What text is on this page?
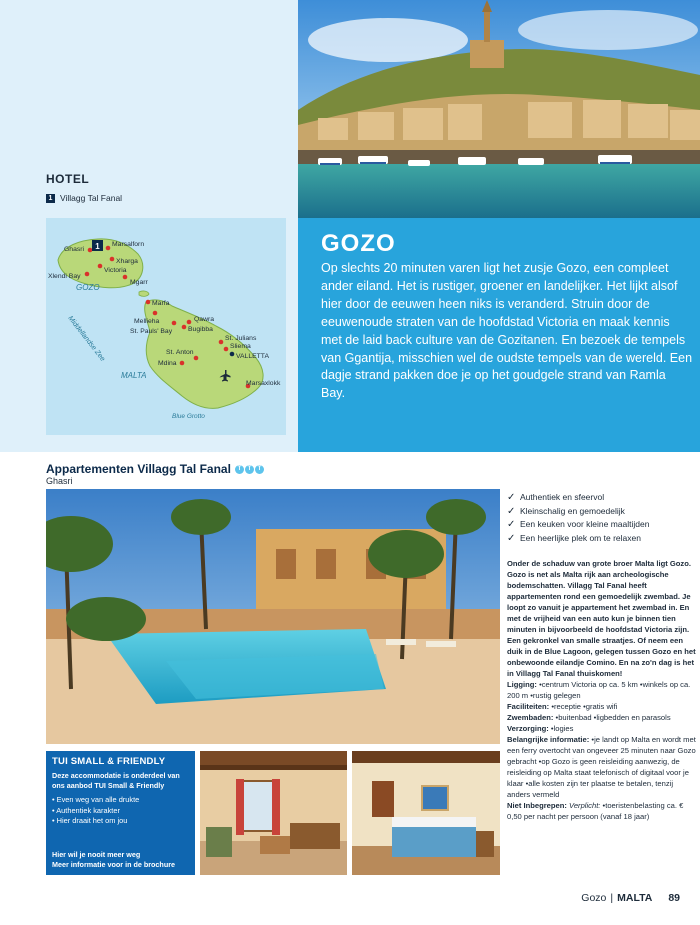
HOTEL
1 Villagg Tal Fanal
1
Ghasri
Marsalforn
Xharga
Victoria
Xlendi Bay
Mgarr
Marfa
Mellieha	Qawra
St. Pauls' Bay Bugibba
St. Julians
Sliema
VALLETTA
St. Anton
Mdina
Marsaxlokk
GOZO
MALTA
Blue Grotto
Middellandse Zee
GOZO
Op slechts 20 minuten varen ligt het zusje Gozo, een compleet ander eiland. Het is rustiger, groener en landelijker. Het lijkt alsof hier door de eeuwen heen niks is veranderd. Struin door de eeuwenoude straten van de hoofdstad Victoria en maak kennis met de laid back culture van de Gozitanen. En bezoek de tempels van Ggantija, misschien wel de oudste tempels van de wereld. Een dagje strand pakken doe je op het goudgele strand van Ramla Bay.
Appartementen Villagg Tal Fanal	T	T	T
Ghasri
✓ Authentiek en sfeervol
✓ Kleinschalig en gemoedelijk
✓ Een keuken voor kleine maaltijden
✓ Een heerlijke plek om te relaxen

Onder de schaduw van grote broer Malta ligt Gozo. Gozo is net als Malta rijk aan archeologische bodemschatten. Villagg Tal Fanal heeft appartementen rond een gemoedelijk zwembad. Je loopt zo vanuit je appartement het zwembad in. En met de vrijheid van een auto kun je binnen tien minuten in bijvoorbeeld de hoofdstad Victoria zijn. Een gekronkel van smalle straatjes. Of neem een duik in de Blue Lagoon, gelegen tussen Gozo en het onbewoonde eilandje Comino. En na zo'n dag is het in Villagg Tal Fanal thuiskomen!

Ligging: •centrum Victoria op ca. 5 km •winkels op ca. 200 m •rustig gelegen

Faciliteiten: •receptie •gratis wifi

Zwembaden: •buitenbad •ligbedden en parasols

Verzorging: •logies

Belangrijke informatie: •je landt op Malta en wordt met een ferry overtocht van ongeveer 25 minuten naar Gozo gebracht •op Gozo is geen reisleiding aanwezig, de reisleiding op Malta staat telefonisch of digitaal voor je klaar •alle kosten zijn ter plaatse te betalen, tenzij anders vermeld

Niet Inbegrepen: Verplicht: •toeristenbelasting ca. € 0,50 per nacht per persoon (vanaf 18 jaar)

TUI SMALL & FRIENDLY
Deze accommodatie is onderdeel van ons aanbod TUI Small & Friendly
• Even weg van alle drukte
• Authentiek karakter
• Hier draait het om jou
Hier wil je nooit meer weg
Meer informatie voor in de brochure
Gozo | MALTA 89
